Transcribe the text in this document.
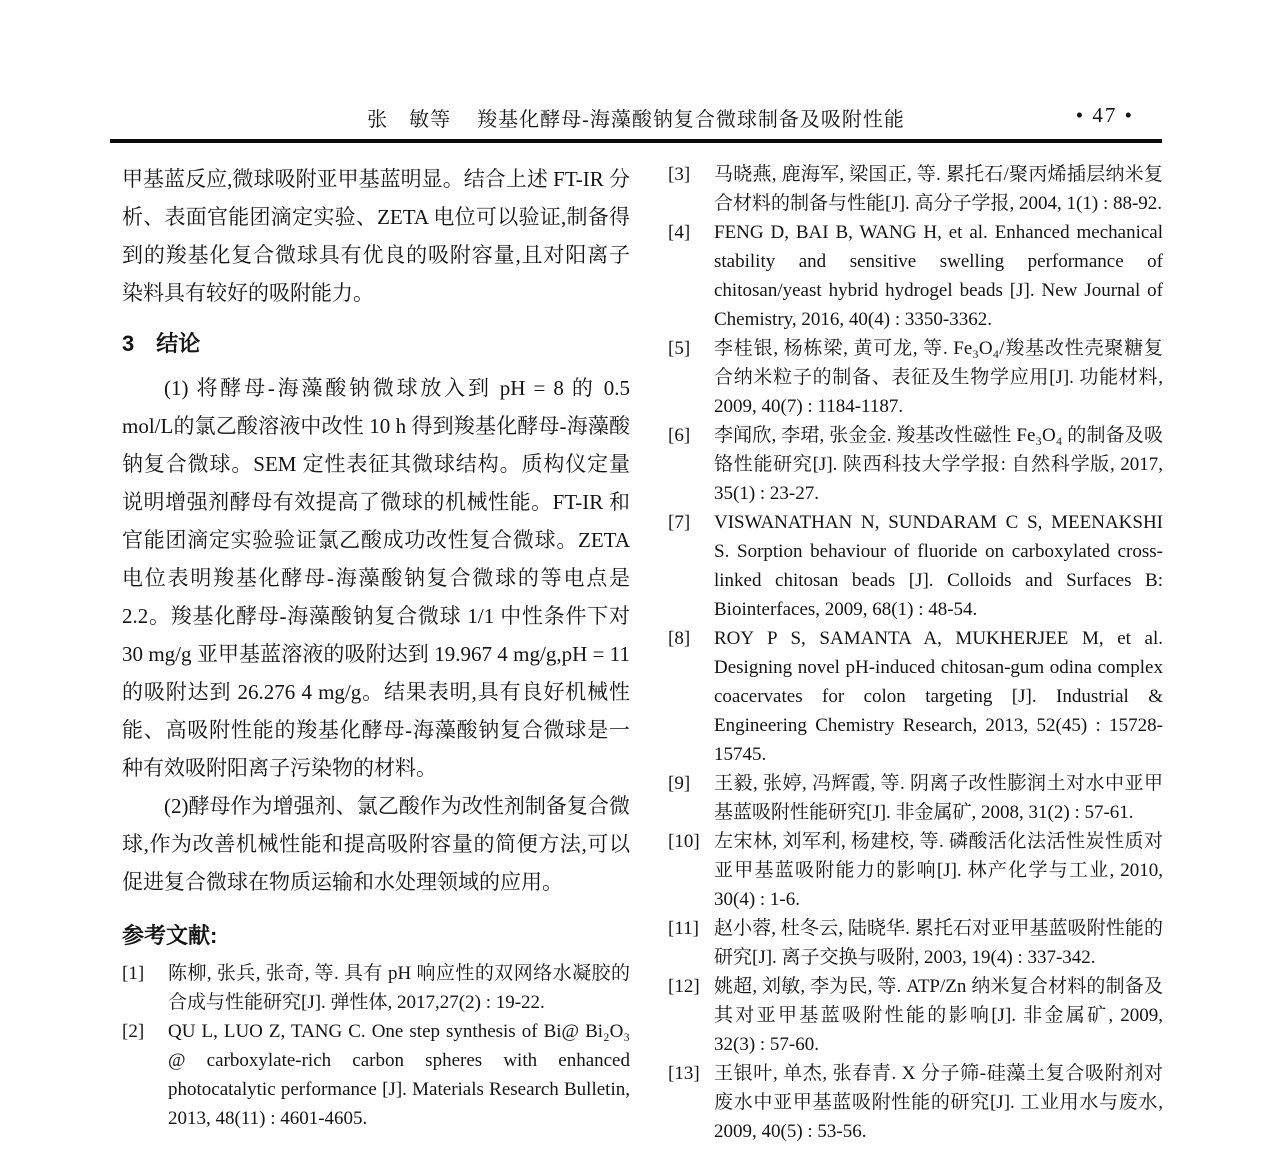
张　敏等 羧基化酵母-海藻酸钠复合微球制备及吸附性能	• 47 •

甲基蓝反应,微球吸附亚甲基蓝明显。结合上述 FT-IR 分析、表面官能团滴定实验、ZETA 电位可以验证,制备得到的羧基化复合微球具有优良的吸附容量,且对阳离子染料具有较好的吸附能力。

3 结论

(1) 将酵母-海藻酸钠微球放入到 pH = 8 的 0.5 mol/L的氯乙酸溶液中改性 10 h 得到羧基化酵母-海藻酸钠复合微球。SEM 定性表征其微球结构。质构仪定量说明增强剂酵母有效提高了微球的机械性能。FT-IR 和官能团滴定实验验证氯乙酸成功改性复合微球。ZETA 电位表明羧基化酵母-海藻酸钠复合微球的等电点是 2.2。羧基化酵母-海藻酸钠复合微球 1/1 中性条件下对 30 mg/g 亚甲基蓝溶液的吸附达到 19.967 4 mg/g,pH = 11 的吸附达到 26.276 4 mg/g。结果表明,具有良好机械性能、高吸附性能的羧基化酵母-海藻酸钠复合微球是一种有效吸附阳离子污染物的材料。

(2)酵母作为增强剂、氯乙酸作为改性剂制备复合微球,作为改善机械性能和提高吸附容量的简便方法,可以促进复合微球在物质运输和水处理领域的应用。

参考文献:
[1]	陈柳, 张兵, 张奇, 等. 具有 pH 响应性的双网络水凝胶的合成与性能研究[J]. 弹性体, 2017,27(2) : 19-22.
[2]	QU L, LUO Z, TANG C. One step synthesis of Bi@ Bi₂O₃ @ carboxylate-rich carbon spheres with enhanced photocatalytic performance [J]. Materials Research Bulletin, 2013, 48(11) : 4601-4605.
[3]	马晓燕, 鹿海军, 梁国正, 等. 累托石/聚丙烯插层纳米复合材料的制备与性能[J]. 高分子学报, 2004, 1(1) : 88-92.
[4]	FENG D, BAI B, WANG H, et al. Enhanced mechanical stability and sensitive swelling performance of chitosan/yeast hybrid hydrogel beads [J]. New Journal of Chemistry, 2016, 40(4) : 3350-3362.
[5]	李桂银, 杨栋梁, 黄可龙, 等. Fe₃O₄/羧基改性壳聚糖复合纳米粒子的制备、表征及生物学应用[J]. 功能材料, 2009, 40(7) : 1184-1187.
[6]	李闻欣, 李珺, 张金金. 羧基改性磁性 Fe₃O₄ 的制备及吸铬性能研究[J]. 陕西科技大学学报: 自然科学版, 2017, 35(1) : 23-27.
[7]	VISWANATHAN N, SUNDARAM C S, MEENAKSHI S. Sorption behaviour of fluoride on carboxylated cross-linked chitosan beads [J]. Colloids and Surfaces B: Biointerfaces, 2009, 68(1) : 48-54.
[8]	ROY P S, SAMANTA A, MUKHERJEE M, et al. Designing novel pH-induced chitosan-gum odina complex coacervates for colon targeting [J]. Industrial & Engineering Chemistry Research, 2013, 52(45) : 15728-15745.
[9]	王毅, 张婷, 冯辉霞, 等. 阴离子改性膨润土对水中亚甲基蓝吸附性能研究[J]. 非金属矿, 2008, 31(2) : 57-61.
[10] 左宋林, 刘军利, 杨建校, 等. 磷酸活化法活性炭性质对亚甲基蓝吸附能力的影响[J]. 林产化学与工业, 2010, 30(4) : 1-6.
[11] 赵小蓉, 杜冬云, 陆晓华. 累托石对亚甲基蓝吸附性能的研究[J]. 离子交换与吸附, 2003, 19(4) : 337-342.
[12] 姚超, 刘敏, 李为民, 等. ATP/Zn 纳米复合材料的制备及其对亚甲基蓝吸附性能的影响[J]. 非金属矿, 2009, 32(3) : 57-60.
[13] 王银叶, 单杰, 张春青. X 分子筛-硅藻土复合吸附剂对废水中亚甲基蓝吸附性能的研究[J]. 工业用水与废水, 2009, 40(5) : 53-56.
